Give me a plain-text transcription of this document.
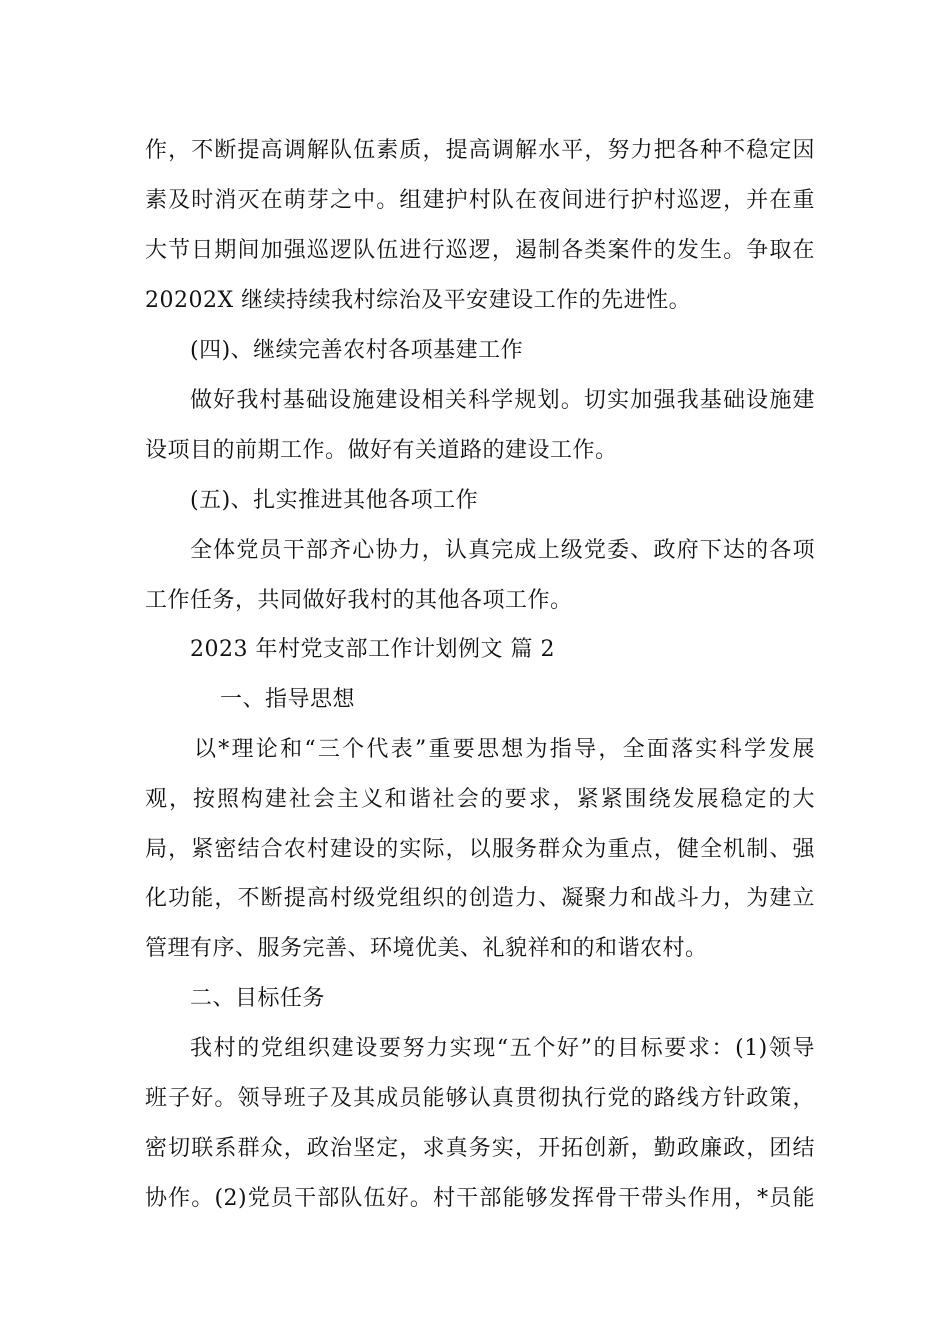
作，不断提高调解队伍素质，提高调解水平，努力把各种不稳定因
素及时消灭在萌芽之中。组建护村队在夜间进行护村巡逻，并在重
大节日期间加强巡逻队伍进行巡逻，遏制各类案件的发生。争取在
20202X 继续持续我村综治及平安建设工作的先进性。
(四)、继续完善农村各项基建工作
做好我村基础设施建设相关科学规划。切实加强我基础设施建
设项目的前期工作。做好有关道路的建设工作。
(五)、扎实推进其他各项工作
全体党员干部齐心协力，认真完成上级党委、政府下达的各项
工作任务，共同做好我村的其他各项工作。
2023 年村党支部工作计划例文 篇 2
一、指导思想
以*理论和“三个代表”重要思想为指导，全面落实科学发展
观，按照构建社会主义和谐社会的要求，紧紧围绕发展稳定的大
局，紧密结合农村建设的实际，以服务群众为重点，健全机制、强
化功能，不断提高村级党组织的创造力、凝聚力和战斗力，为建立
管理有序、服务完善、环境优美、礼貌祥和的和谐农村。
二、目标任务
我村的党组织建设要努力实现“五个好”的目标要求：(1)领导
班子好。领导班子及其成员能够认真贯彻执行党的路线方针政策，
密切联系群众，政治坚定，求真务实，开拓创新，勤政廉政，团结
协作。(2)党员干部队伍好。村干部能够发挥骨干带头作用，*员能
